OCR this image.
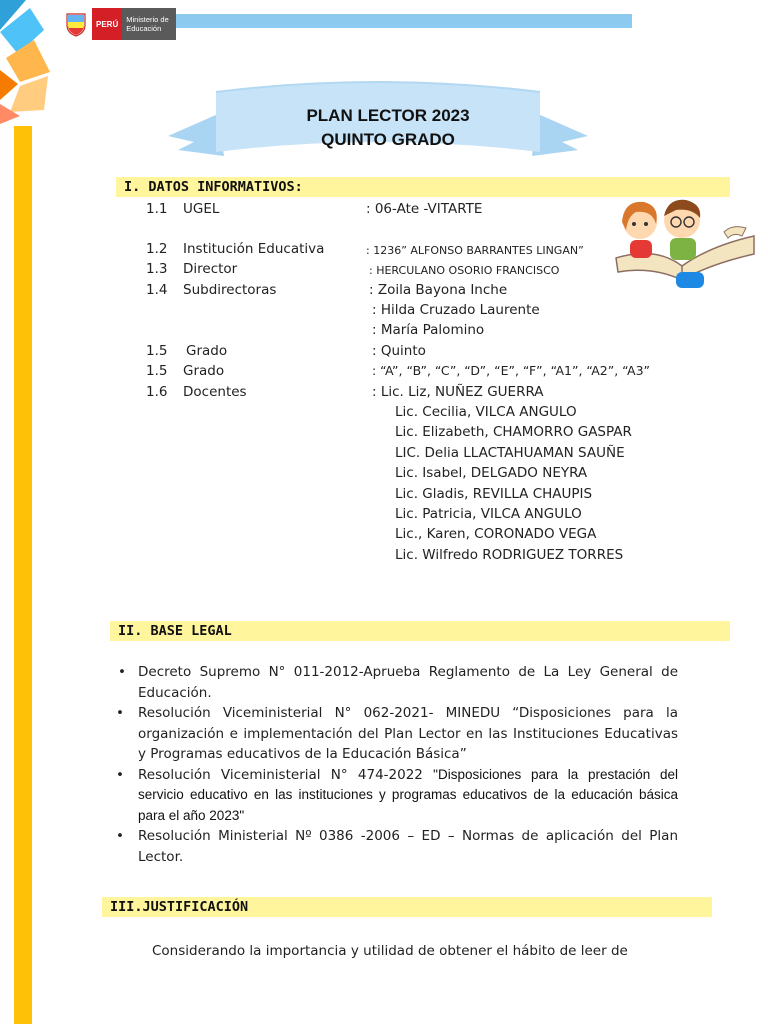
PERÚ	Ministerio de Educación
PLAN LECTOR 2023
QUINTO GRADO
I. DATOS INFORMATIVOS:
1.1 UGEL	: 06-Ate -VITARTE
1.2 Institución Educativa	: 1236” ALFONSO BARRANTES LINGAN”
1.3 Director	: HERCULANO OSORIO FRANCISCO
1.4 Subdirectoras	: Zoila Bayona Inche
: Hilda Cruzado Laurente
: María Palomino
1.5 Grado	: Quinto
1.5 Grado	: “A”, “B”, “C”, “D”, “E”, “F”, “A1”, “A2”, “A3”
1.6 Docentes	: Lic. Liz, NUÑEZ GUERRA
Lic. Cecilia, VILCA ANGULO
Lic. Elizabeth, CHAMORRO GASPAR
LIC. Delia LLACTAHUAMAN SAUÑE
Lic. Isabel, DELGADO NEYRA
Lic. Gladis, REVILLA CHAUPIS
Lic. Patricia, VILCA ANGULO
Lic., Karen, CORONADO VEGA
Lic. Wilfredo RODRIGUEZ TORRES
II. BASE LEGAL

• Decreto Supremo N° 011-2012-Aprueba Reglamento de La Ley General de Educación.

• Resolución Viceministerial N° 062-2021- MINEDU “Disposiciones para la organización e implementación del Plan Lector en las Instituciones Educativas y Programas educativos de la Educación Básica”

• Resolución Viceministerial N° 474-2022 "Disposiciones para la prestación del servicio educativo en las instituciones y programas educativos de la educación básica para el año 2023"

• Resolución Ministerial Nº 0386 -2006 – ED – Normas de aplicación del Plan Lector.

III.JUSTIFICACIÓN
Considerando la importancia y utilidad de obtener el hábito de leer de
